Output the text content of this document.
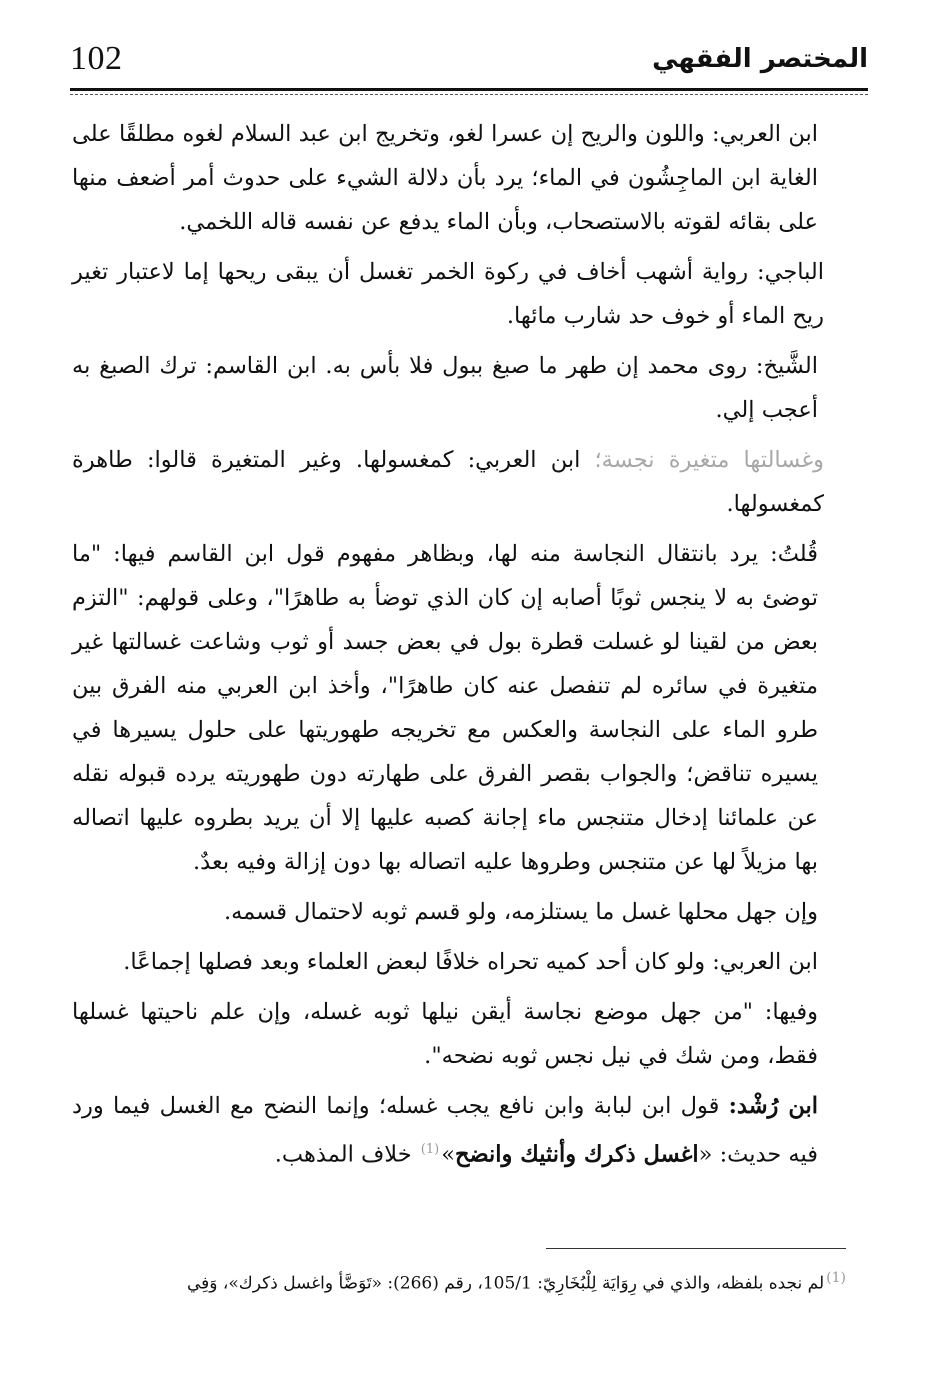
102	المختصر الفقهي

ابن العربي: واللون والريح إن عسرا لغو، وتخريج ابن عبد السلام لغوه مطلقًا على الغاية ابن الماجِشُون في الماء؛ يرد بأن دلالة الشيء على حدوث أمر أضعف منها على بقائه لقوته بالاستصحاب، وبأن الماء يدفع عن نفسه قاله اللخمي.

الباجي: رواية أشهب أخاف في ركوة الخمر تغسل أن يبقى ريحها إما لاعتبار تغير ريح الماء أو خوف حد شارب مائها.

الشَّيخ: روى محمد إن طهر ما صبغ ببول فلا بأس به. ابن القاسم: ترك الصبغ به أعجب إلي.

وغسالتها متغيرة نجسة؛ ابن العربي: كمغسولها. وغير المتغيرة قالوا: طاهرة كمغسولها.

قُلتُ: يرد بانتقال النجاسة منه لها، وبظاهر مفهوم قول ابن القاسم فيها: "ما توضئ به لا ينجس ثوبًا أصابه إن كان الذي توضأ به طاهرًا"، وعلى قولهم: "التزم بعض من لقينا لو غسلت قطرة بول في بعض جسد أو ثوب وشاعت غسالتها غير متغيرة في سائره لم تنفصل عنه كان طاهرًا"، وأخذ ابن العربي منه الفرق بين طرو الماء على النجاسة والعكس مع تخريجه طهوريتها على حلول يسيرها في يسيره تناقض؛ والجواب بقصر الفرق على طهارته دون طهوريته يرده قبوله نقله عن علمائنا إدخال متنجس ماء إجانة كصبه عليها إلا أن يريد بطروه عليها اتصاله بها مزيلاً لها عن متنجس وطروها عليه اتصاله بها دون إزالة وفيه بعدٌ.

وإن جهل محلها غسل ما يستلزمه، ولو قسم ثوبه لاحتمال قسمه.

ابن العربي: ولو كان أحد كميه تحراه خلافًا لبعض العلماء وبعد فصلها إجماعًا.

وفيها: "من جهل موضع نجاسة أيقن نيلها ثوبه غسله، وإن علم ناحيتها غسلها فقط، ومن شك في نيل نجس ثوبه نضحه".

ابن رُشْد: قول ابن لبابة وابن نافع يجب غسله؛ وإنما النضح مع الغسل فيما ورد فيه حديث: «اغسل ذكرك وأنثيك وانضح»$^{(1)}$ خلاف المذهب.

$^{(1)}$لم نجده بلفظه، والذي في رِوَايَة لِلْبُخَارِيّ: 105/1، رقم (266): «تَوَضَّأ واغسل ذكرك»، وَفِي
